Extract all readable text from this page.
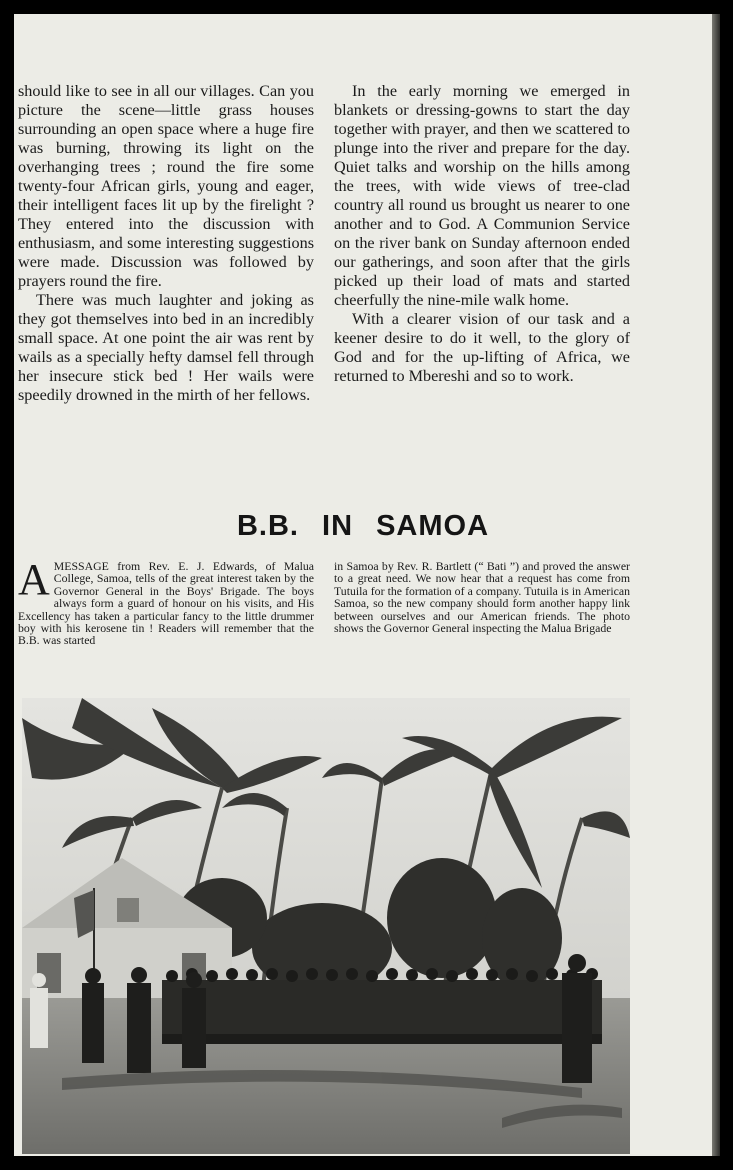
should like to see in all our villages. Can you picture the scene—little grass houses surrounding an open space where a huge fire was burning, throwing its light on the overhanging trees ; round the fire some twenty-four African girls, young and eager, their intelligent faces lit up by the firelight ? They entered into the discussion with enthusiasm, and some interesting suggestions were made. Discussion was followed by prayers round the fire.

There was much laughter and joking as they got themselves into bed in an incredibly small space. At one point the air was rent by wails as a specially hefty damsel fell through her insecure stick bed ! Her wails were speedily drowned in the mirth of her fellows.

In the early morning we emerged in blankets or dressing-gowns to start the day together with prayer, and then we scattered to plunge into the river and prepare for the day. Quiet talks and worship on the hills among the trees, with wide views of tree-clad country all round us brought us nearer to one another and to God. A Communion Service on the river bank on Sunday afternoon ended our gatherings, and soon after that the girls picked up their load of mats and started cheerfully the nine-mile walk home.

With a clearer vision of our task and a keener desire to do it well, to the glory of God and for the up-lifting of Africa, we returned to Mbereshi and so to work.

B.B. IN SAMOA
AMESSAGE from Rev. E. J. Edwards, of Malua College, Samoa, tells of the great interest taken by the Governor General in the Boys' Brigade. The boys always form a guard of honour on his visits, and His Excellency has taken a particular fancy to the little drummer boy with his kerosene tin ! Readers will remember that the B.B. was started
in Samoa by Rev. R. Bartlett (“ Bati ”) and proved the answer to a great need. We now hear that a request has come from Tutuila for the formation of a company. Tutuila is in American Samoa, so the new company should form another happy link between ourselves and our American friends. The photo shows the Governor General inspecting the Malua Brigade
